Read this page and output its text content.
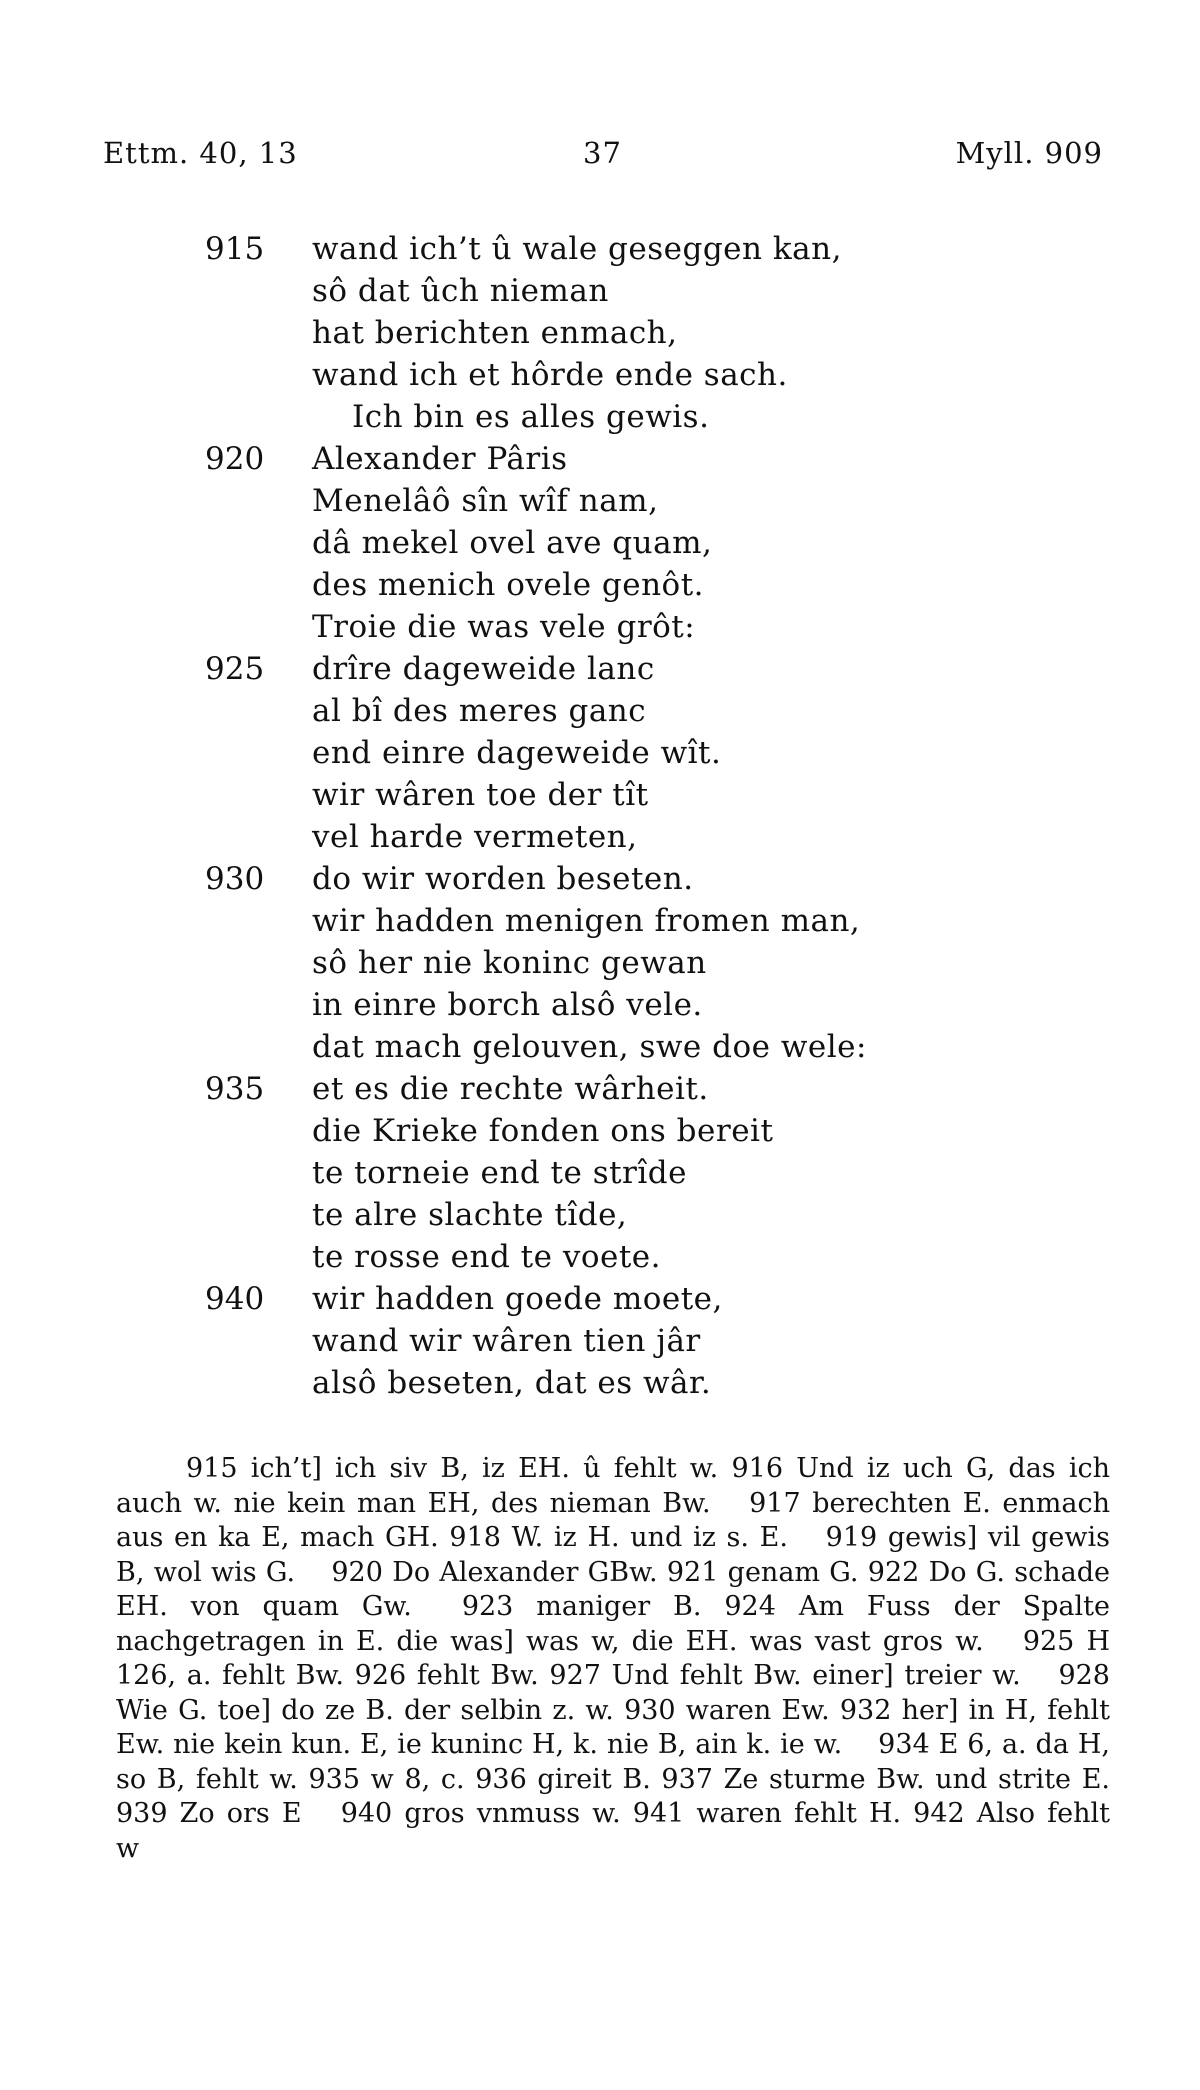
Ettm. 40, 13	37	Myll. 909
915	wand ich’t û wale geseggen kan,
sô dat ûch nieman
hat berichten enmach,
wand ich et hôrde ende sach.
Ich bin es alles gewis.
920	Alexander Pâris
Menelâô sîn wîf nam,
dâ mekel ovel ave quam,
des menich ovele genôt.
Troie die was vele grôt:
925	drîre dageweide lanc
al bî des meres ganc
end einre dageweide wît.
wir wâren toe der tît
vel harde vermeten,
930	do wir worden beseten.
wir hadden menigen fromen man,
sô her nie koninc gewan
in einre borch alsô vele.
dat mach gelouven, swe doe wele:
935	et es die rechte wârheit.
die Krieke fonden ons bereit
te torneie end te strîde
te alre slachte tîde,
te rosse end te voete.
940	wir hadden goede moete,
wand wir wâren tien jâr
alsô beseten, dat es wâr.

915 ich’t] ich siv B, iz EH. û fehlt w. 916 Und iz uch G, das ich auch w. nie kein man EH, des nieman Bw.  917 berechten E. enmach aus en ka E, mach GH. 918 W. iz H. und iz s. E.  919 gewis] vil gewis B, wol wis G.  920 Do Alexander GBw. 921 genam G. 922 Do G. schade EH. von quam Gw.  923 maniger B. 924 Am Fuss der Spalte nachgetragen in E. die was] was w, die EH. was vast gros w.  925 H 126, a. fehlt Bw. 926 fehlt Bw. 927 Und fehlt Bw. einer] treier w.  928 Wie G. toe] do ze B. der selbin z. w. 930 waren Ew. 932 her] in H, fehlt Ew. nie kein kun. E, ie kuninc H, k. nie B, ain k. ie w.  934 E 6, a. da H, so B, fehlt w. 935 w 8, c. 936 gireit B. 937 Ze sturme Bw. und strite E. 939 Zo ors E  940 gros vnmuss w. 941 waren fehlt H. 942 Also fehlt w 
